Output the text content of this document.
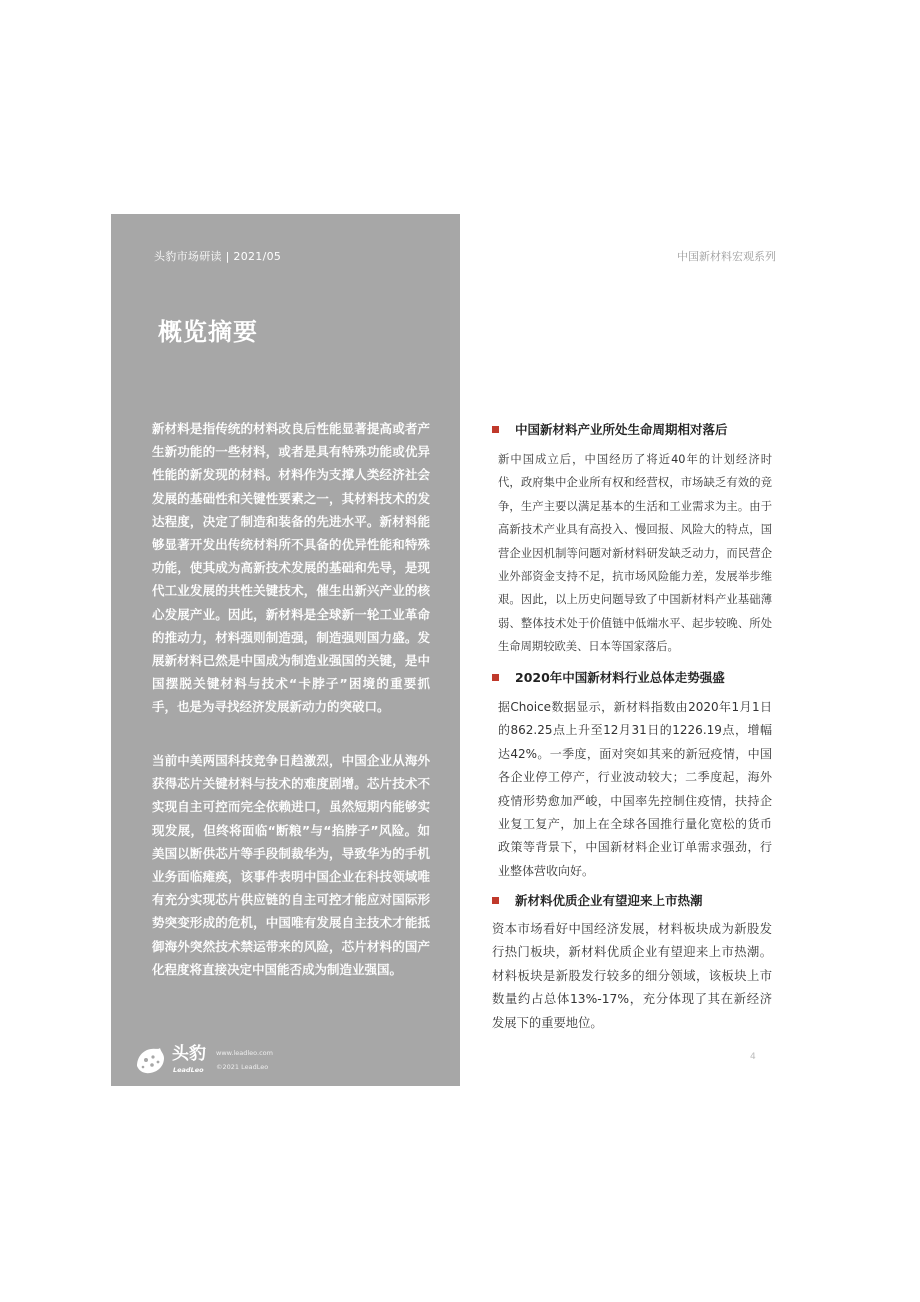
头豹市场研读 | 2021/05	中国新材料宏观系列
概览摘要

新材料是指传统的材料改良后性能显著提高或者产生新功能的一些材料，或者是具有特殊功能或优异性能的新发现的材料。材料作为支撑人类经济社会发展的基础性和关键性要素之一，其材料技术的发达程度，决定了制造和装备的先进水平。新材料能够显著开发出传统材料所不具备的优异性能和特殊功能，使其成为高新技术发展的基础和先导，是现代工业发展的共性关键技术，催生出新兴产业的核心发展产业。因此，新材料是全球新一轮工业革命的推动力，材料强则制造强，制造强则国力盛。发展新材料已然是中国成为制造业强国的关键，是中国摆脱关键材料与技术“卡脖子”困境的重要抓手，也是为寻找经济发展新动力的突破口。

当前中美两国科技竞争日趋激烈，中国企业从海外获得芯片关键材料与技术的难度剧增。芯片技术不实现自主可控而完全依赖进口，虽然短期内能够实现发展，但终将面临“断粮”与“掐脖子”风险。如美国以断供芯片等手段制裁华为，导致华为的手机业务面临瘫痪，该事件表明中国企业在科技领域唯有充分实现芯片供应链的自主可控才能应对国际形势突变形成的危机，中国唯有发展自主技术才能抵御海外突然技术禁运带来的风险，芯片材料的国产化程度将直接决定中国能否成为制造业强国。

中国新材料产业所处生命周期相对落后

新中国成立后，中国经历了将近40年的计划经济时代，政府集中企业所有权和经营权，市场缺乏有效的竞争，生产主要以满足基本的生活和工业需求为主。由于高新技术产业具有高投入、慢回报、风险大的特点，国营企业因机制等问题对新材料研发缺乏动力，而民营企业外部资金支持不足，抗市场风险能力差，发展举步维艰。因此，以上历史问题导致了中国新材料产业基础薄弱、整体技术处于价值链中低端水平、起步较晚、所处生命周期较欧美、日本等国家落后。

2020年中国新材料行业总体走势强盛

据Choice数据显示，新材料指数由2020年1月1日的862.25点上升至12月31日的1226.19点，增幅达42%。一季度，面对突如其来的新冠疫情，中国各企业停工停产，行业波动较大；二季度起，海外疫情形势愈加严峻，中国率先控制住疫情，扶持企业复工复产，加上在全球各国推行量化宽松的货币政策等背景下，中国新材料企业订单需求强劲，行业整体营收向好。

新材料优质企业有望迎来上市热潮

资本市场看好中国经济发展，材料板块成为新股发行热门板块，新材料优质企业有望迎来上市热潮。材料板块是新股发行较多的细分领域，该板块上市数量约占总体13%-17%，充分体现了其在新经济发展下的重要地位。

头豹
LeadLeo
www.leadleo.com
©2021 LeadLeo
4
